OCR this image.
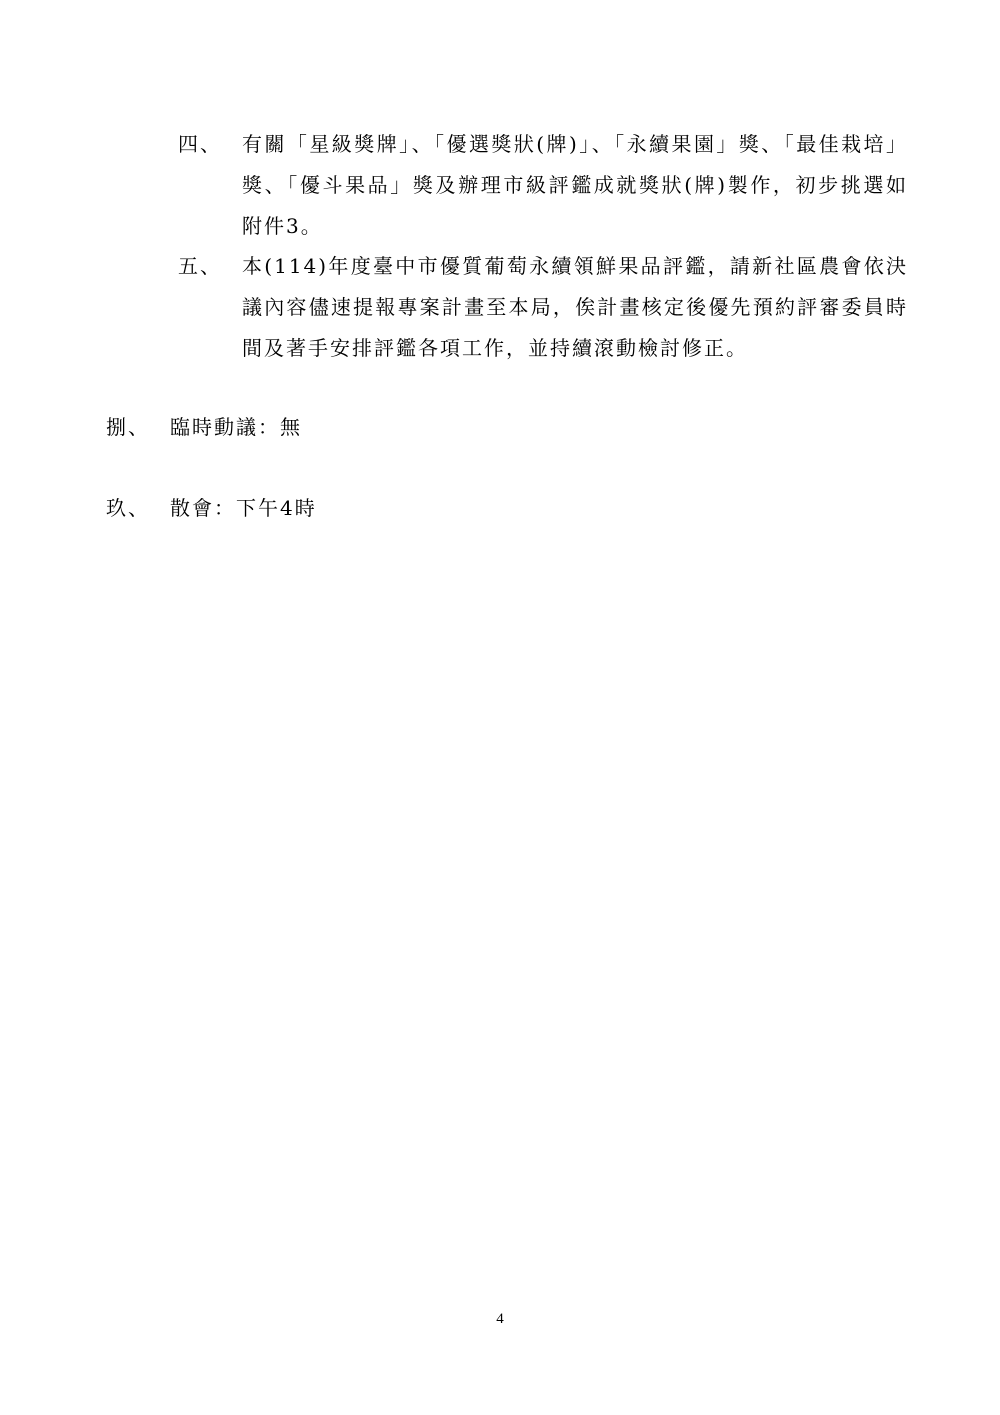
四、	有關「星級獎牌」、「優選獎狀(牌)」、「永續果園」獎、「最佳栽培」獎、「優斗果品」獎及辦理市級評鑑成就獎狀(牌)製作，初步挑選如附件3。
五、	本(114)年度臺中市優質葡萄永續領鮮果品評鑑，請新社區農會依決議內容儘速提報專案計畫至本局，俟計畫核定後優先預約評審委員時間及著手安排評鑑各項工作，並持續滾動檢討修正。
捌、	臨時動議：無
玖、	散會：下午4時
4
